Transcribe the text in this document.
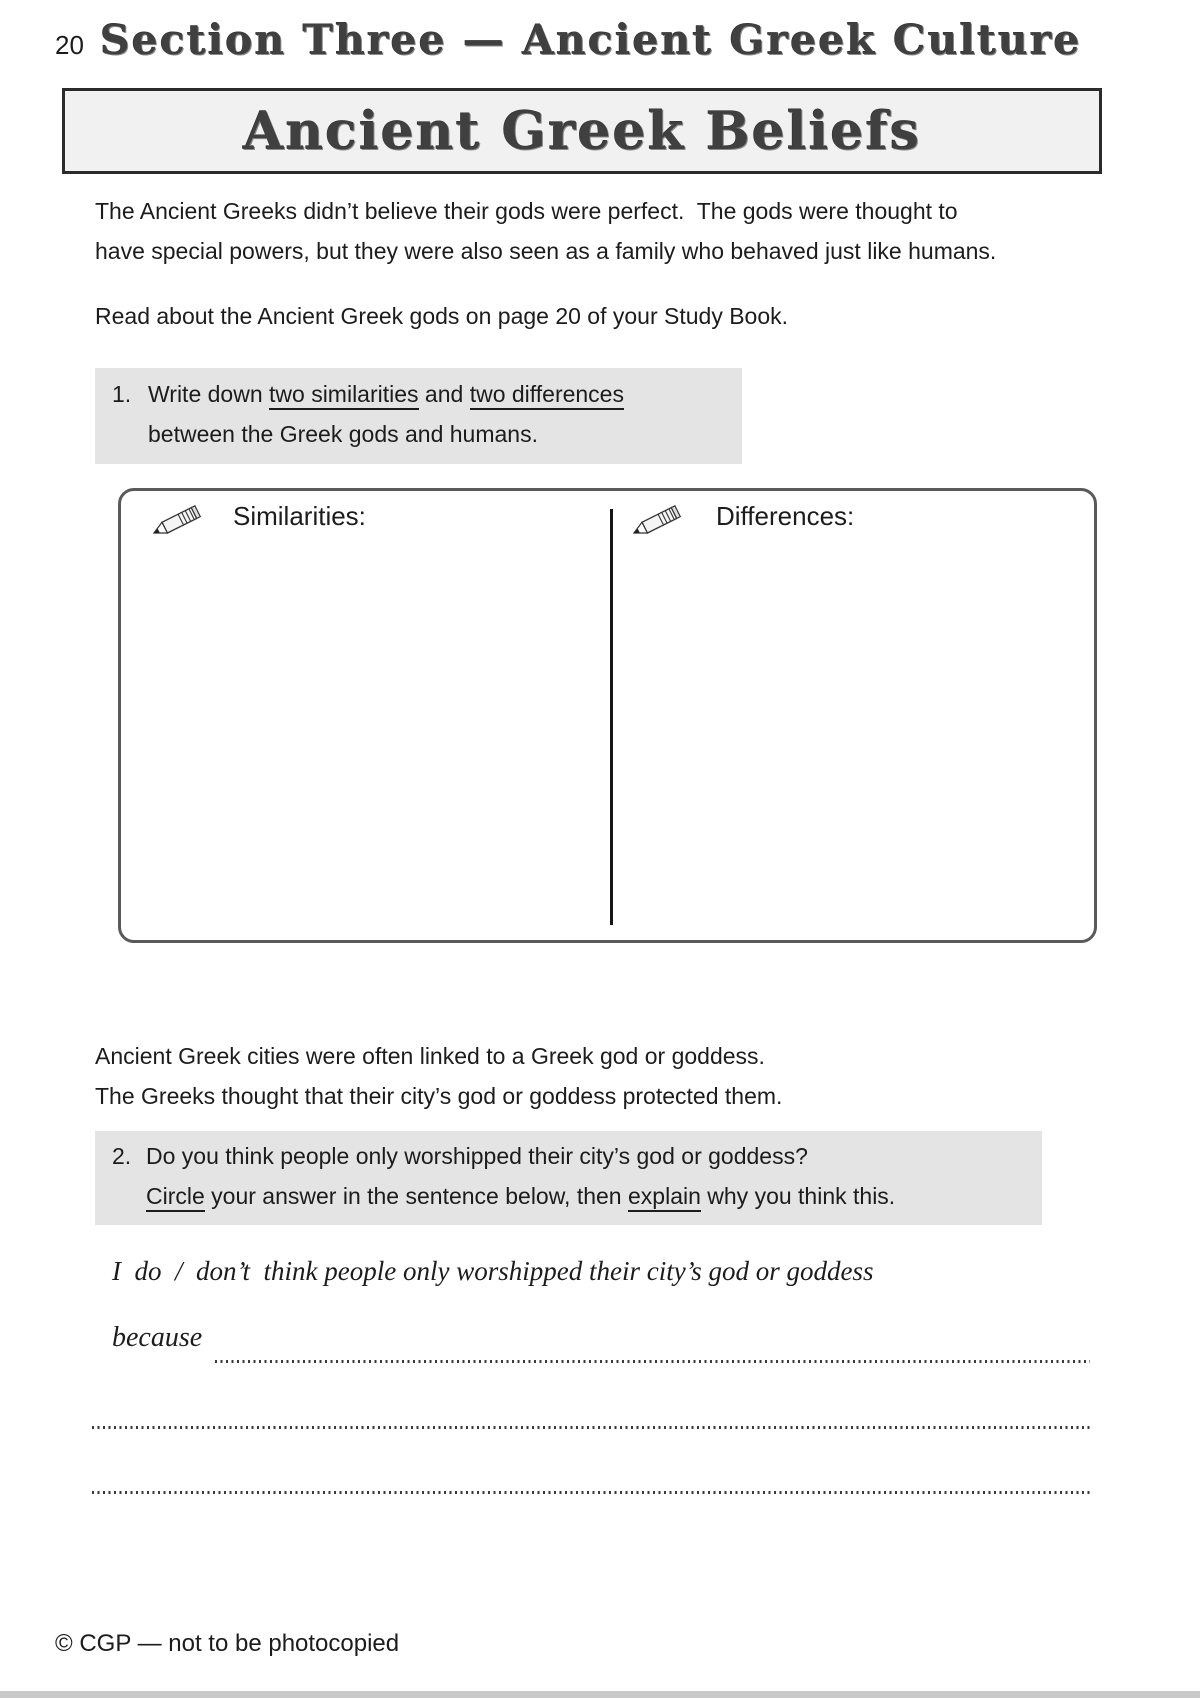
20 Section Three — Ancient Greek Culture
Ancient Greek Beliefs
The Ancient Greeks didn’t believe their gods were perfect.  The gods were thought to
have special powers, but they were also seen as a family who behaved just like humans.
Read about the Ancient Greek gods on page 20 of your Study Book.
1. Write down two similarities and two differences
between the Greek gods and humans.
Similarities:	Differences:
Ancient Greek cities were often linked to a Greek god or goddess.
The Greeks thought that their city’s god or goddess protected them.
2. Do you think people only worshipped their city’s god or goddess?
Circle your answer in the sentence below, then explain why you think this.
I  do  /  don’t  think people only worshipped their city’s god or goddess
because
© CGP — not to be photocopied
